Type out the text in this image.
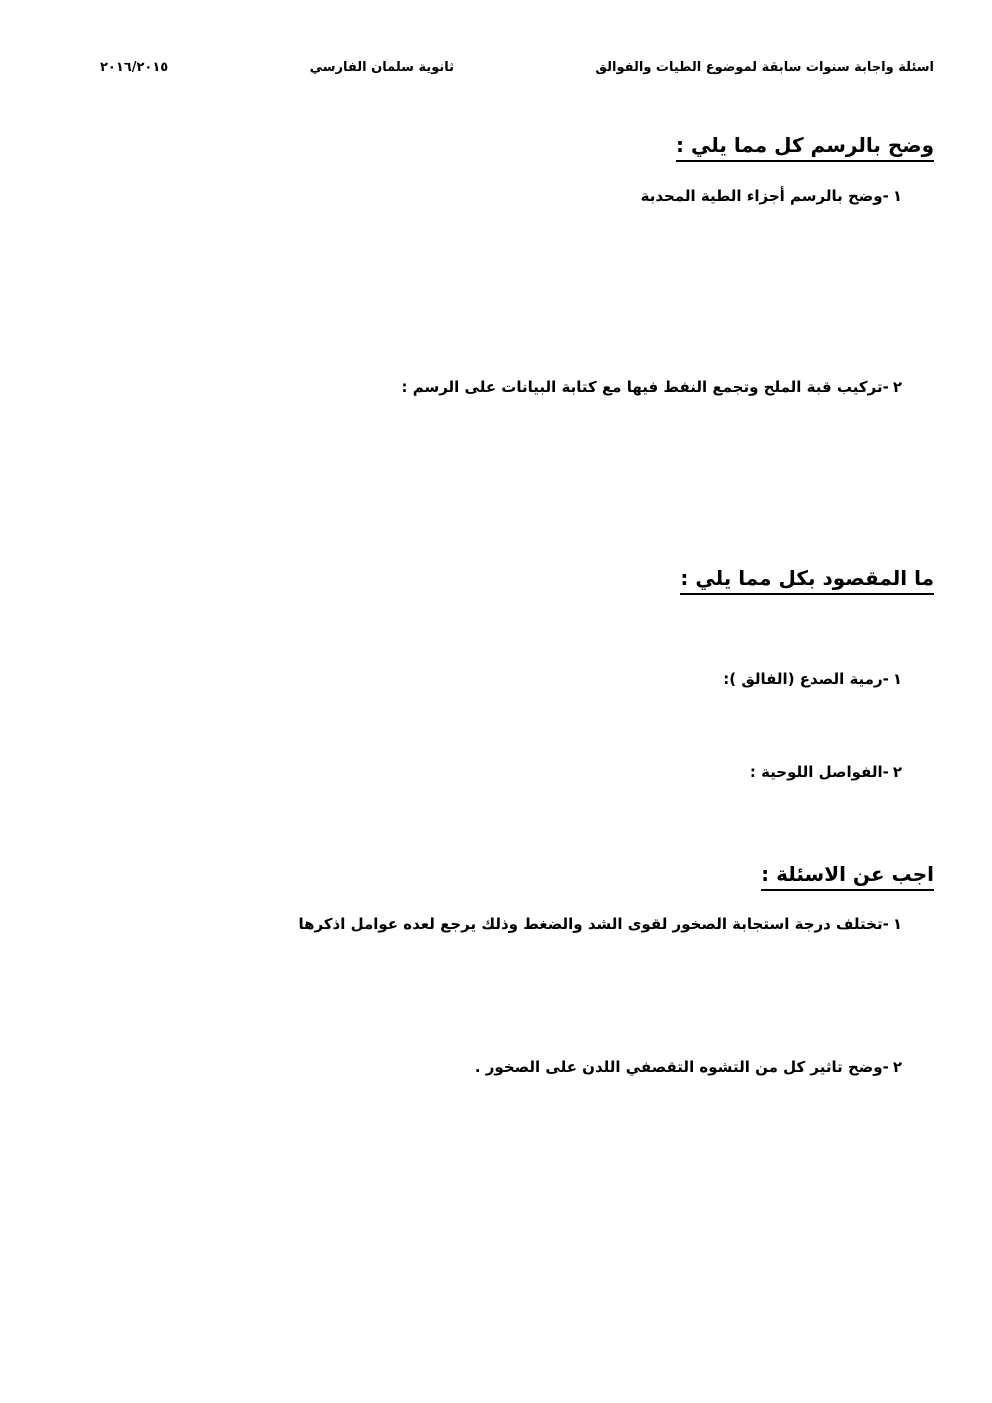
اسئلة واجابة سنوات سابقة لموضوع الطيات والفوالق
ثانوية سلمان الفارسي
٢٠١٦/٢٠١٥
وضح بالرسم كل مما يلي :
١-وضح بالرسم أجزاء الطية المحدبة
٢-تركيب قبة الملح وتجمع النفط فيها مع كتابة البيانات على الرسم :
ما المقصود بكل مما يلي :
١-رمية الصدع (الفالق ):
٢-الفواصل اللوحية :
اجب عن الاسئلة :
١-تختلف درجة استجابة الصخور لقوى الشد والضغط وذلك يرجع لعده عوامل اذكرها
٢-وضح تاثير كل من التشوه التقصفي اللدن على الصخور .
